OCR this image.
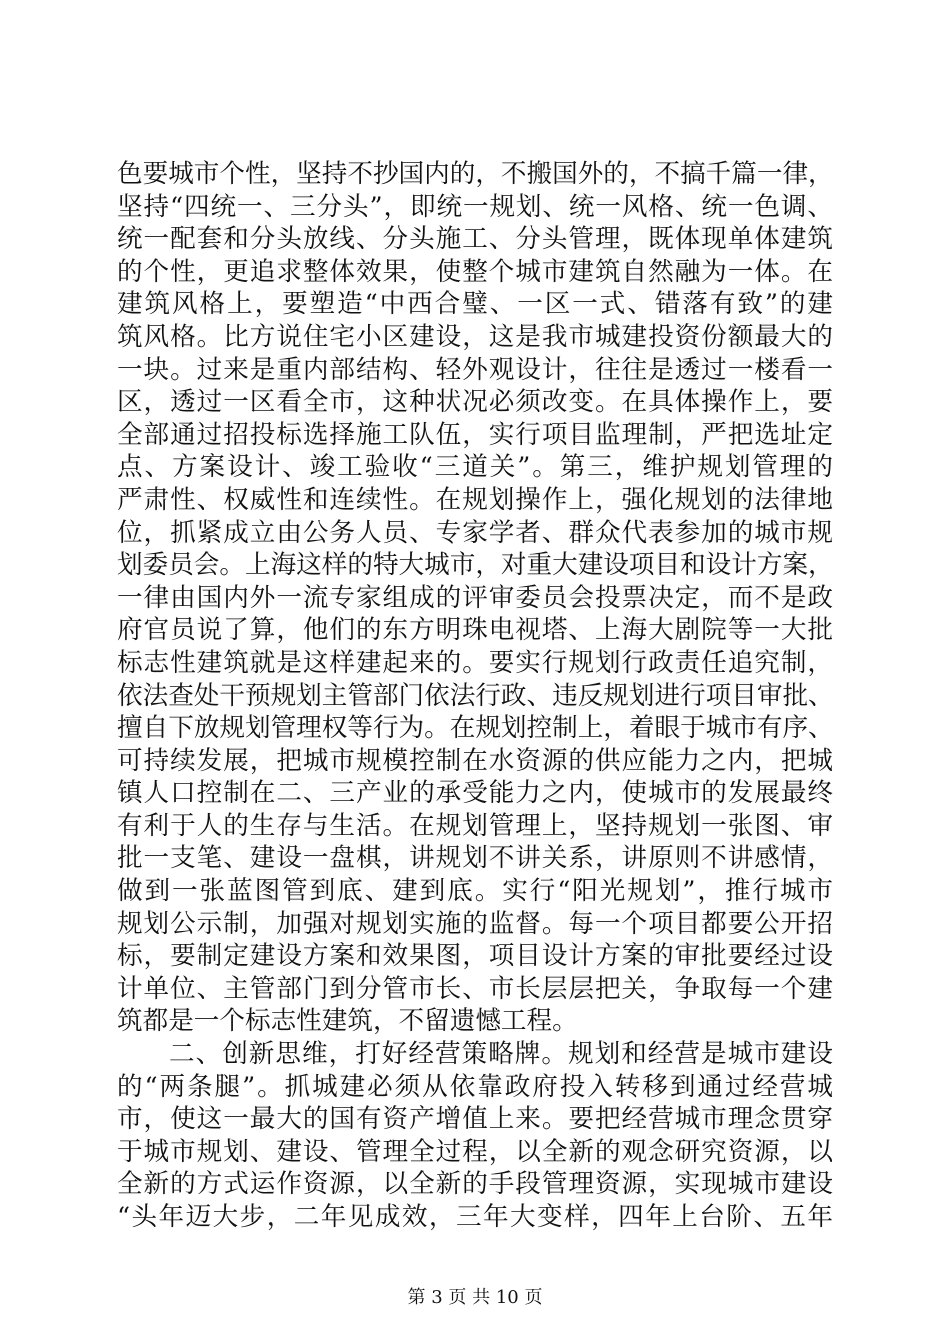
色要城市个性，坚持不抄国内的，不搬国外的，不搞千篇一律，
坚持“四统一、三分头”，即统一规划、统一风格、统一色调、
统一配套和分头放线、分头施工、分头管理，既体现单体建筑
的个性，更追求整体效果，使整个城市建筑自然融为一体。在
建筑风格上，要塑造“中西合璧、一区一式、错落有致”的建
筑风格。比方说住宅小区建设，这是我市城建投资份额最大的
一块。过来是重内部结构、轻外观设计，往往是透过一楼看一
区，透过一区看全市，这种状况必须改变。在具体操作上，要
全部通过招投标选择施工队伍，实行项目监理制，严把选址定
点、方案设计、竣工验收“三道关”。第三，维护规划管理的
严肃性、权威性和连续性。在规划操作上，强化规划的法律地
位，抓紧成立由公务人员、专家学者、群众代表参加的城市规
划委员会。上海这样的特大城市，对重大建设项目和设计方案，
一律由国内外一流专家组成的评审委员会投票决定，而不是政
府官员说了算，他们的东方明珠电视塔、上海大剧院等一大批
标志性建筑就是这样建起来的。要实行规划行政责任追究制，
依法查处干预规划主管部门依法行政、违反规划进行项目审批、
擅自下放规划管理权等行为。在规划控制上，着眼于城市有序、
可持续发展，把城市规模控制在水资源的供应能力之内，把城
镇人口控制在二、三产业的承受能力之内，使城市的发展最终
有利于人的生存与生活。在规划管理上，坚持规划一张图、审
批一支笔、建设一盘棋，讲规划不讲关系，讲原则不讲感情，
做到一张蓝图管到底、建到底。实行“阳光规划”，推行城市
规划公示制，加强对规划实施的监督。每一个项目都要公开招
标，要制定建设方案和效果图，项目设计方案的审批要经过设
计单位、主管部门到分管市长、市长层层把关，争取每一个建
筑都是一个标志性建筑，不留遗憾工程。
二、创新思维，打好经营策略牌。规划和经营是城市建设
的“两条腿”。抓城建必须从依靠政府投入转移到通过经营城
市，使这一最大的国有资产增值上来。要把经营城市理念贯穿
于城市规划、建设、管理全过程，以全新的观念研究资源，以
全新的方式运作资源，以全新的手段管理资源，实现城市建设
“头年迈大步，二年见成效，三年大变样，四年上台阶、五年
第 3 页 共 10 页
